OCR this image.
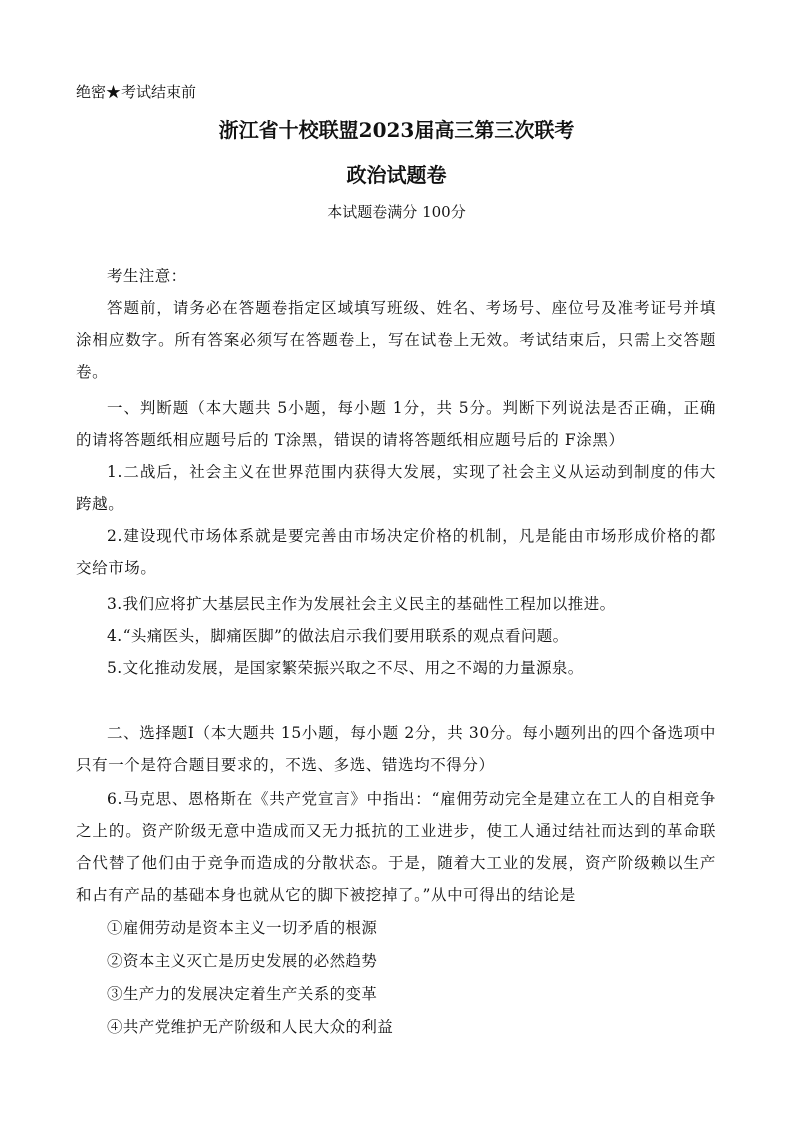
绝密★考试结束前
浙江省十校联盟2023届高三第三次联考
政治试题卷
本试题卷满分 100分
考生注意：
答题前，请务必在答题卷指定区域填写班级、姓名、考场号、座位号及准考证号并填涂相应数字。所有答案必须写在答题卷上，写在试卷上无效。考试结束后，只需上交答题卷。
一、判断题（本大题共 5小题，每小题 1分，共 5分。判断下列说法是否正确，正确的请将答题纸相应题号后的 T涂黑，错误的请将答题纸相应题号后的 F涂黑）
1.二战后，社会主义在世界范围内获得大发展，实现了社会主义从运动到制度的伟大跨越。
2.建设现代市场体系就是要完善由市场决定价格的机制，凡是能由市场形成价格的都交给市场。
3.我们应将扩大基层民主作为发展社会主义民主的基础性工程加以推进。
4.“头痛医头，脚痛医脚”的做法启示我们要用联系的观点看问题。
5.文化推动发展，是国家繁荣振兴取之不尽、用之不竭的力量源泉。
二、选择题Ⅰ（本大题共 15小题，每小题 2分，共 30分。每小题列出的四个备选项中只有一个是符合题目要求的，不选、多选、错选均不得分）
6.马克思、恩格斯在《共产党宣言》中指出：“雇佣劳动完全是建立在工人的自相竞争之上的。资产阶级无意中造成而又无力抵抗的工业进步，使工人通过结社而达到的革命联合代替了他们由于竞争而造成的分散状态。于是，随着大工业的发展，资产阶级赖以生产和占有产品的基础本身也就从它的脚下被挖掉了。”从中可得出的结论是
①雇佣劳动是资本主义一切矛盾的根源
②资本主义灭亡是历史发展的必然趋势
③生产力的发展决定着生产关系的变革
④共产党维护无产阶级和人民大众的利益
